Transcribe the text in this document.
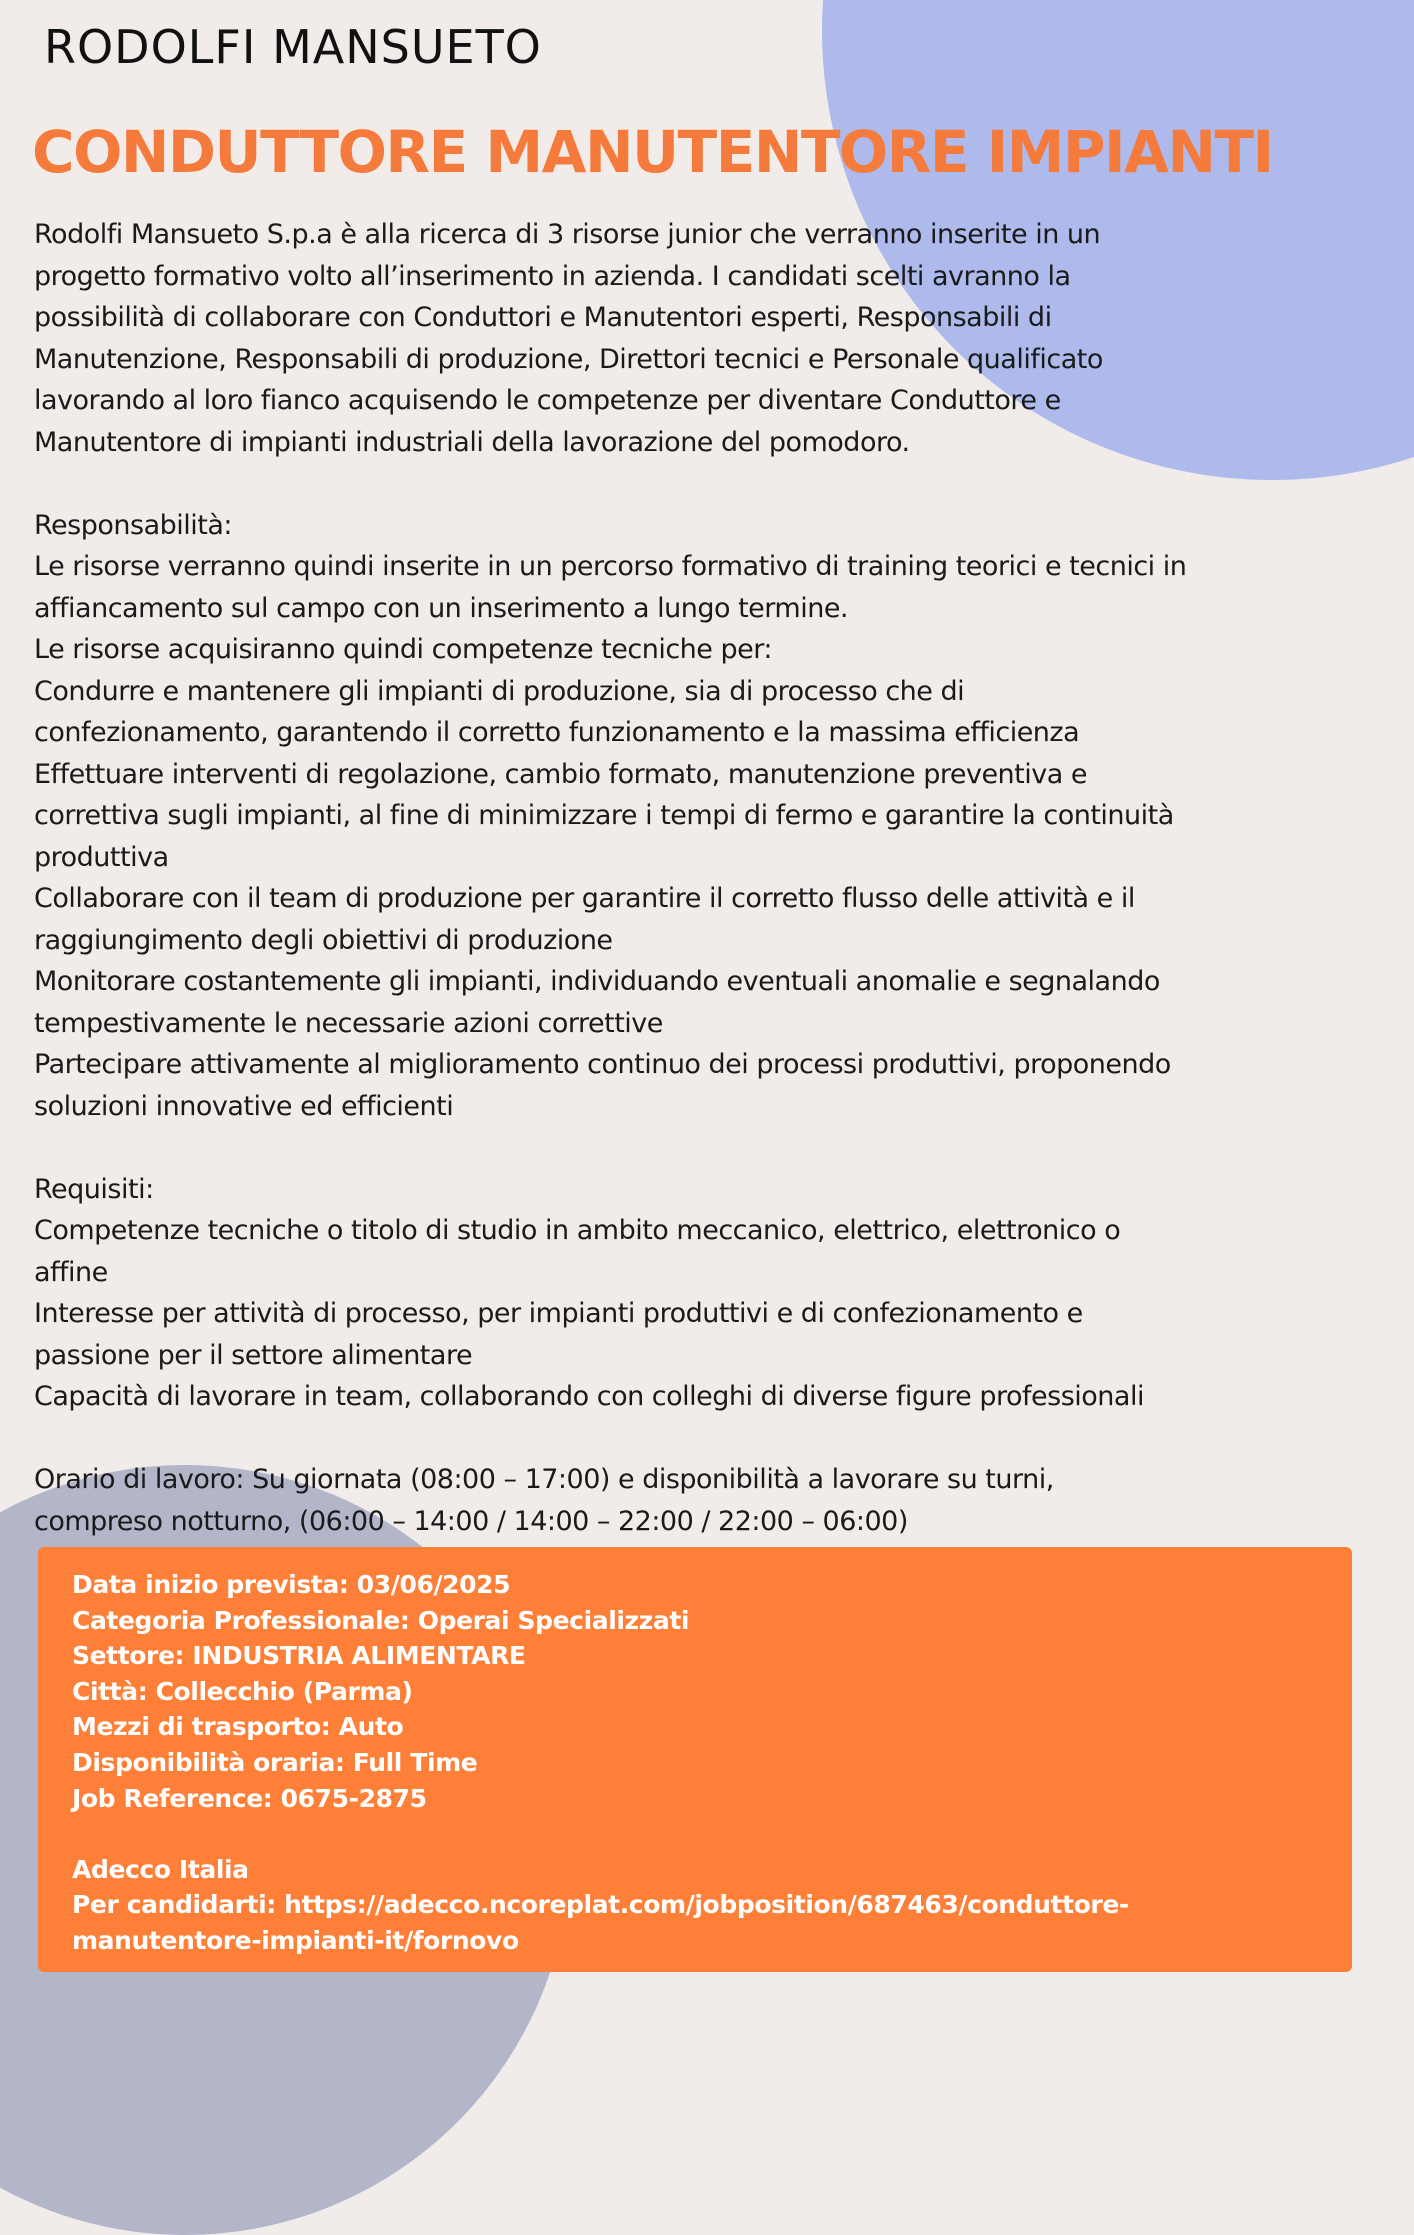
RODOLFI MANSUETO
CONDUTTORE MANUTENTORE IMPIANTI
Rodolfi Mansueto S.p.a è alla ricerca di 3 risorse junior che verranno inserite in un
progetto formativo volto all’inserimento in azienda. I candidati scelti avranno la
possibilità di collaborare con Conduttori e Manutentori esperti, Responsabili di
Manutenzione, Responsabili di produzione, Direttori tecnici e Personale qualificato
lavorando al loro fianco acquisendo le competenze per diventare Conduttore e
Manutentore di impianti industriali della lavorazione del pomodoro.
Responsabilità:
Le risorse verranno quindi inserite in un percorso formativo di training teorici e tecnici in
affiancamento sul campo con un inserimento a lungo termine.
Le risorse acquisiranno quindi competenze tecniche per:
Condurre e mantenere gli impianti di produzione, sia di processo che di
confezionamento, garantendo il corretto funzionamento e la massima efficienza
Effettuare interventi di regolazione, cambio formato, manutenzione preventiva e
correttiva sugli impianti, al fine di minimizzare i tempi di fermo e garantire la continuità
produttiva
Collaborare con il team di produzione per garantire il corretto flusso delle attività e il
raggiungimento degli obiettivi di produzione
Monitorare costantemente gli impianti, individuando eventuali anomalie e segnalando
tempestivamente le necessarie azioni correttive
Partecipare attivamente al miglioramento continuo dei processi produttivi, proponendo
soluzioni innovative ed efficienti
Requisiti:
Competenze tecniche o titolo di studio in ambito meccanico, elettrico, elettronico o
affine
Interesse per attività di processo, per impianti produttivi e di confezionamento e
passione per il settore alimentare
Capacità di lavorare in team, collaborando con colleghi di diverse figure professionali
Orario di lavoro: Su giornata (08:00 – 17:00) e disponibilità a lavorare su turni,
compreso notturno, (06:00 – 14:00 / 14:00 – 22:00 / 22:00 – 06:00)
Data inizio prevista: 03/06/2025
Categoria Professionale: Operai Specializzati
Settore: INDUSTRIA ALIMENTARE
Città: Collecchio (Parma)
Mezzi di trasporto: Auto
Disponibilità oraria: Full Time
Job Reference: 0675-2875
Adecco Italia
Per candidarti: https://adecco.ncoreplat.com/jobposition/687463/conduttore-
manutentore-impianti-it/fornovo
